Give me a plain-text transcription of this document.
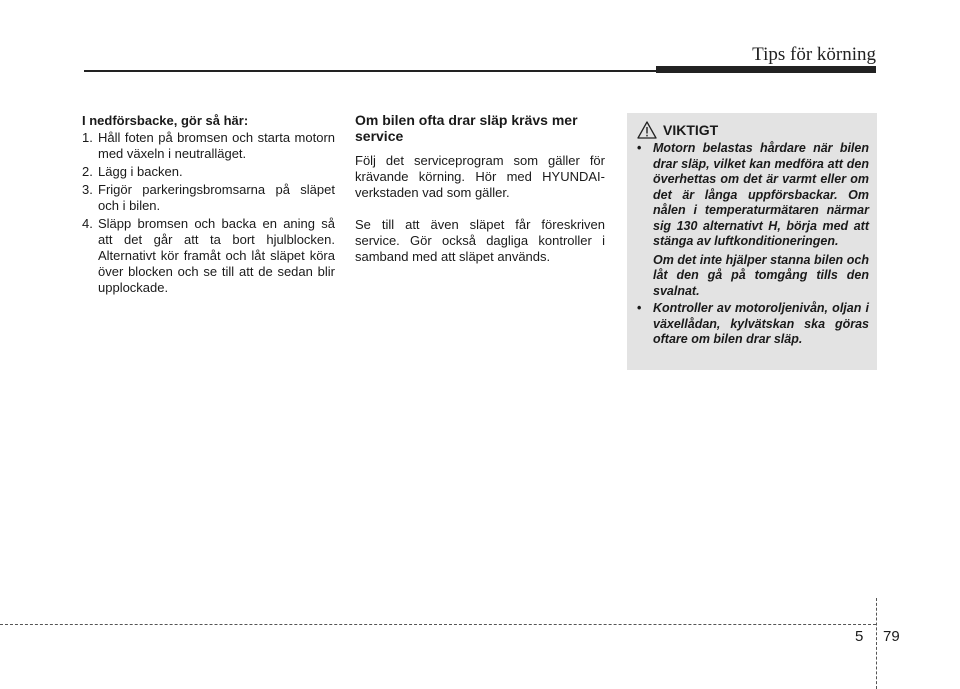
Tips för körning
I nedförsbacke, gör så här:
1. Håll foten på bromsen och starta motorn med växeln i neutralläget.
2. Lägg i backen.
3. Frigör parkeringsbromsarna på släpet och i bilen.
4. Släpp bromsen och backa en aning så att det går att ta bort hjulblocken. Alternativt kör framåt och låt släpet köra över blocken och se till att de sedan blir upplockade.
Om bilen ofta drar släp krävs mer service

Följ det serviceprogram som gäller för krävande körning. Hör med HYUNDAI-verkstaden vad som gäller.

Se till att även släpet får föreskriven service. Gör också dagliga kontroller i samband med att släpet används.

VIKTIGT
• Motorn belastas hårdare när bilen drar släp, vilket kan medföra att den överhettas om det är varmt eller om det är långa uppförsbackar. Om nålen i temperaturmätaren närmar sig 130 alternativt H, börja med att stänga av luftkonditioneringen.
Om det inte hjälper stanna bilen och låt den gå på tomgång tills den svalnat.
• Kontroller av motoroljenivån, oljan i växellådan, kylvätskan ska göras oftare om bilen drar släp.
5 79
